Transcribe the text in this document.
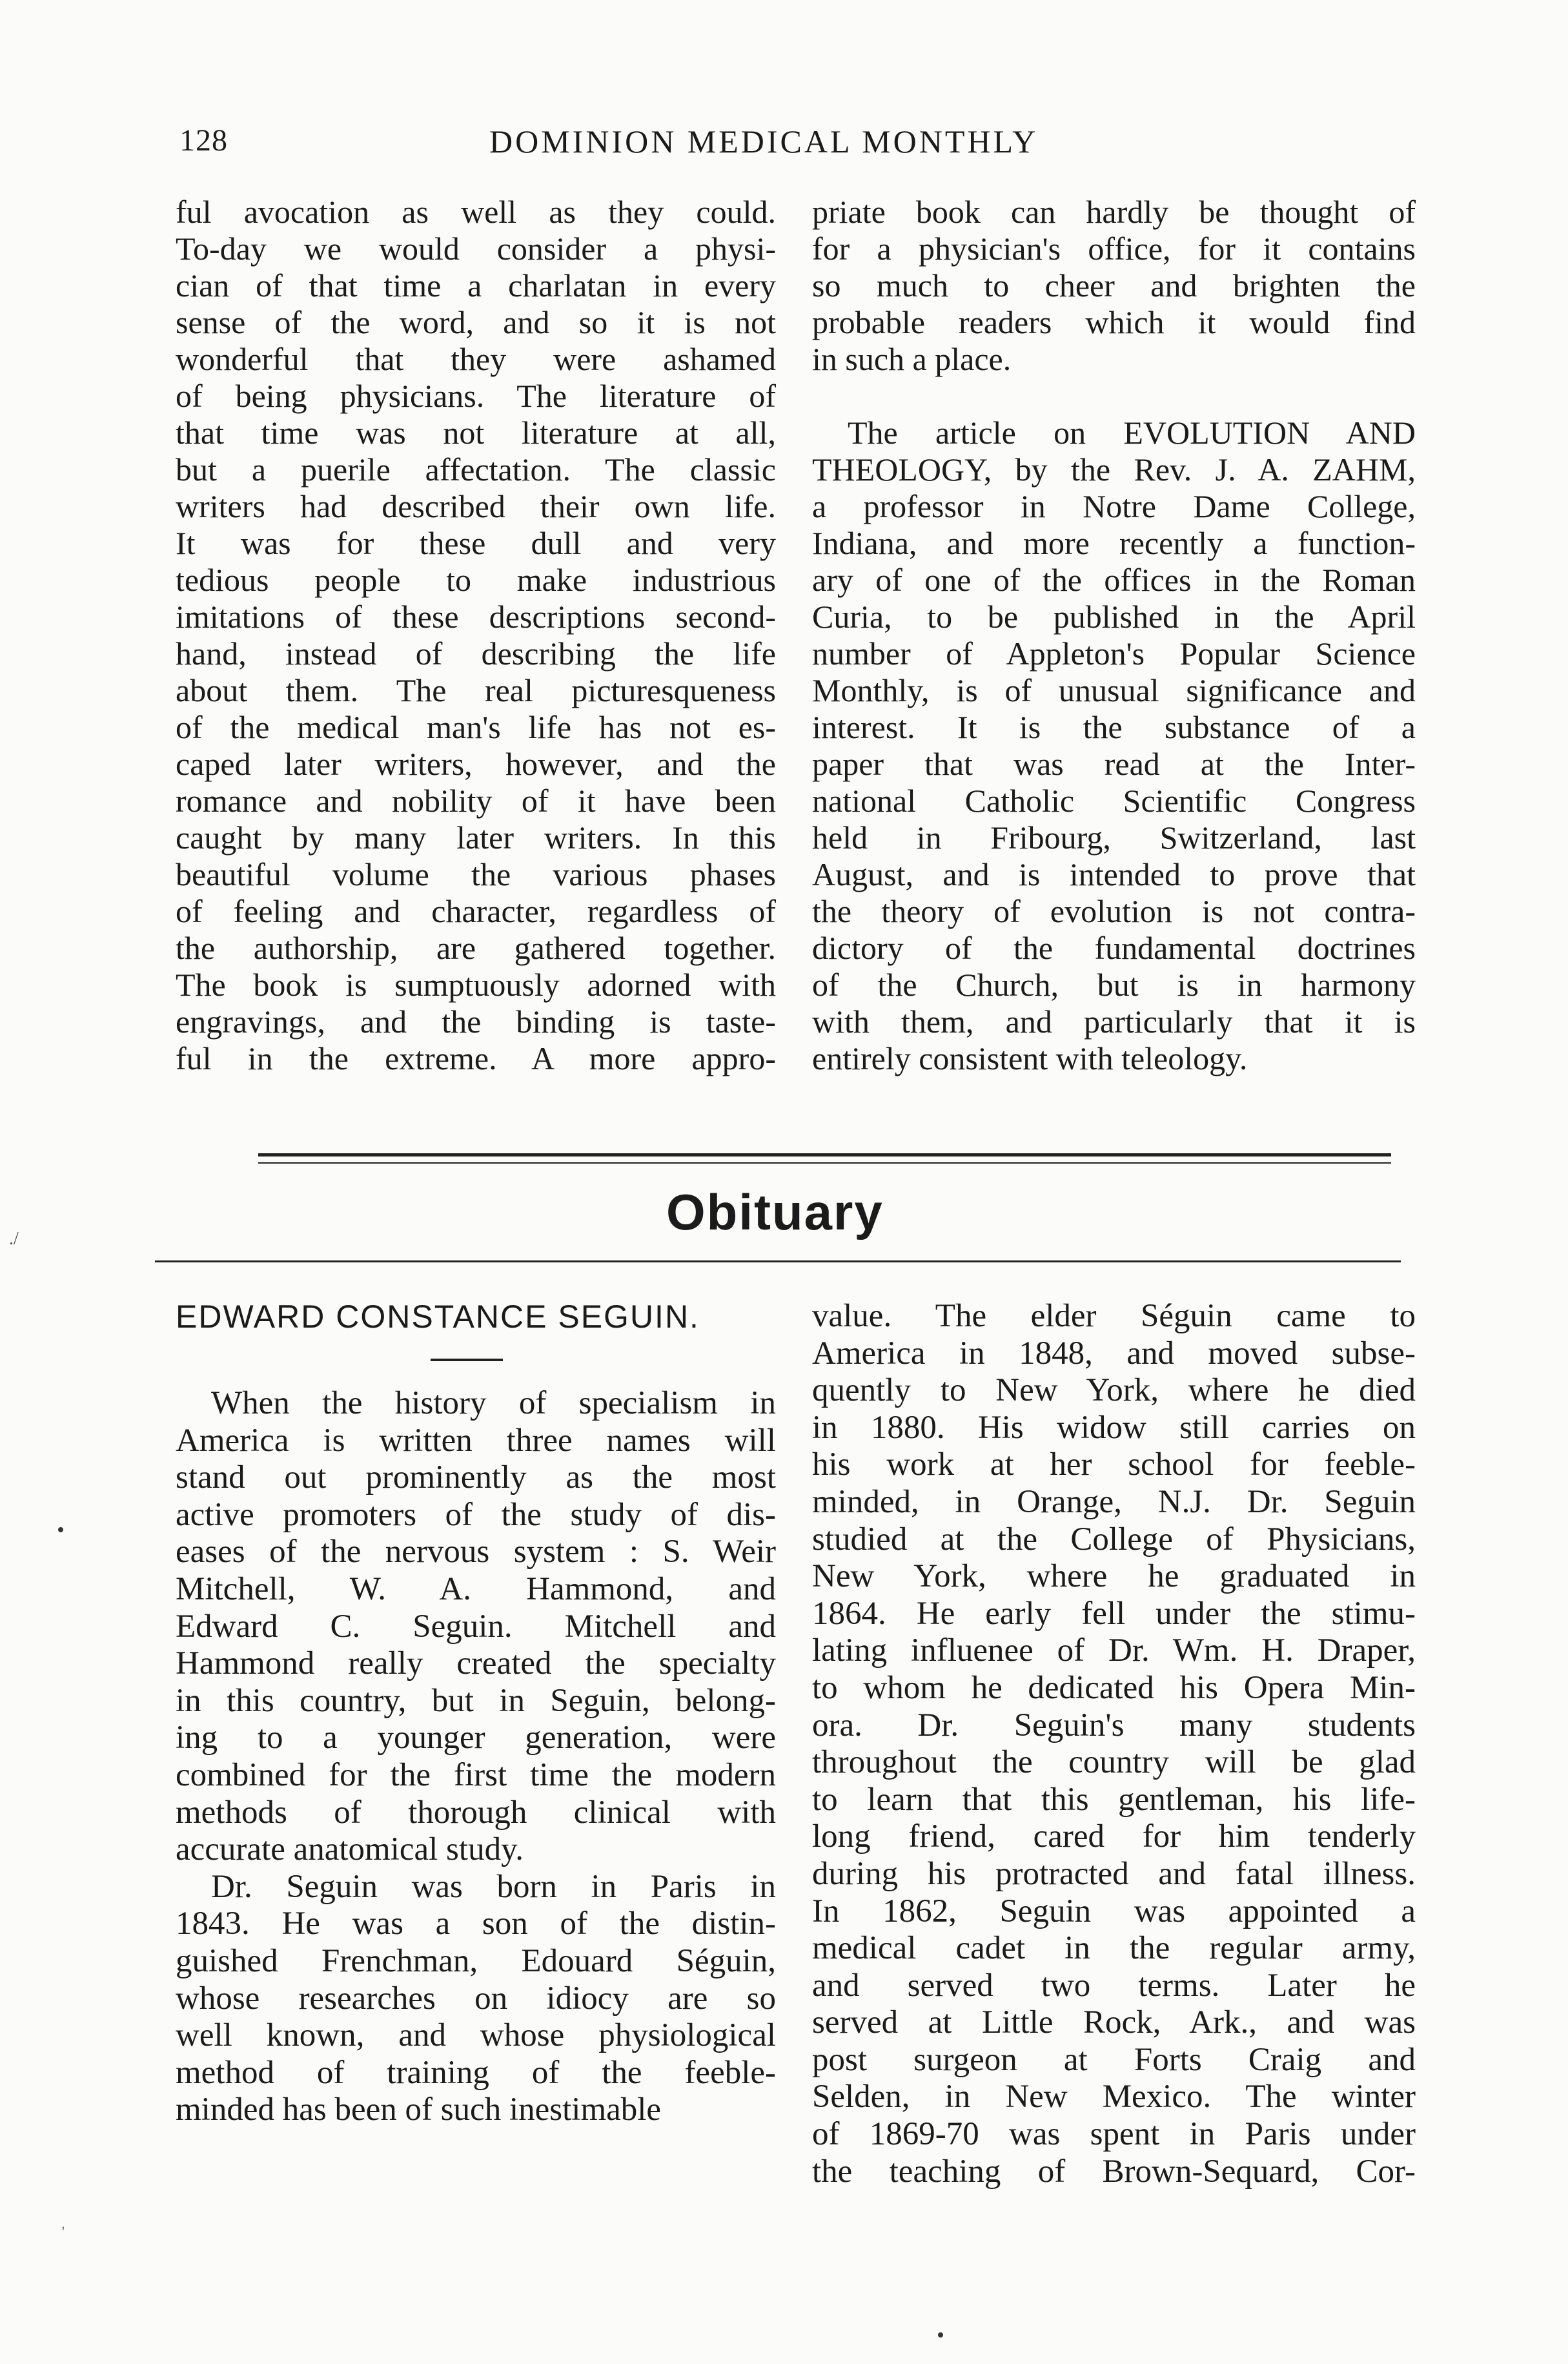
128	DOMINION MEDICAL MONTHLY
ful avocation as well as they could.
To-day we would consider a physi-
cian of that time a charlatan in every
sense of the word, and so it is not
wonderful that they were ashamed
of being physicians. The literature of
that time was not literature at all,
but a puerile affectation. The classic
writers had described their own life.
It was for these dull and very
tedious people to make industrious
imitations of these descriptions second-
hand, instead of describing the life
about them. The real picturesqueness
of the medical man's life has not es-
caped later writers, however, and the
romance and nobility of it have been
caught by many later writers. In this
beautiful volume the various phases
of feeling and character, regardless of
the authorship, are gathered together.
The book is sumptuously adorned with
engravings, and the binding is taste-
ful in the extreme. A more appro-
priate book can hardly be thought of
for a physician's office, for it contains
so much to cheer and brighten the
probable readers which it would find
in such a place.
The article on EVOLUTION AND
THEOLOGY, by the Rev. J. A. ZAHM,
a professor in Notre Dame College,
Indiana, and more recently a function-
ary of one of the offices in the Roman
Curia, to be published in the April
number of Appleton's Popular Science
Monthly, is of unusual significance and
interest. It is the substance of a
paper that was read at the Inter-
national Catholic Scientific Congress
held in Fribourg, Switzerland, last
August, and is intended to prove that
the theory of evolution is not contra-
dictory of the fundamental doctrines
of the Church, but is in harmony
with them, and particularly that it is
entirely consistent with teleology.
Obituary
EDWARD CONSTANCE SEGUIN.
When the history of specialism in
America is written three names will
stand out prominently as the most
active promoters of the study of dis-
eases of the nervous system : S. Weir
Mitchell, W. A. Hammond, and
Edward C. Seguin. Mitchell and
Hammond really created the specialty
in this country, but in Seguin, belong-
ing to a younger generation, were
combined for the first time the modern
methods of thorough clinical with
accurate anatomical study.
Dr. Seguin was born in Paris in
1843. He was a son of the distin-
guished Frenchman, Edouard Séguin,
whose researches on idiocy are so
well known, and whose physiological
method of training of the feeble-
minded has been of such inestimable
value. The elder Séguin came to
America in 1848, and moved subse-
quently to New York, where he died
in 1880. His widow still carries on
his work at her school for feeble-
minded, in Orange, N.J. Dr. Seguin
studied at the College of Physicians,
New York, where he graduated in
1864. He early fell under the stimu-
lating influenee of Dr. Wm. H. Draper,
to whom he dedicated his Opera Min-
ora. Dr. Seguin's many students
throughout the country will be glad
to learn that this gentleman, his life-
long friend, cared for him tenderly
during his protracted and fatal illness.
In 1862, Seguin was appointed a
medical cadet in the regular army,
and served two terms. Later he
served at Little Rock, Ark., and was
post surgeon at Forts Craig and
Selden, in New Mexico. The winter
of 1869-70 was spent in Paris under
the teaching of Brown-Sequard, Cor-
./
'
